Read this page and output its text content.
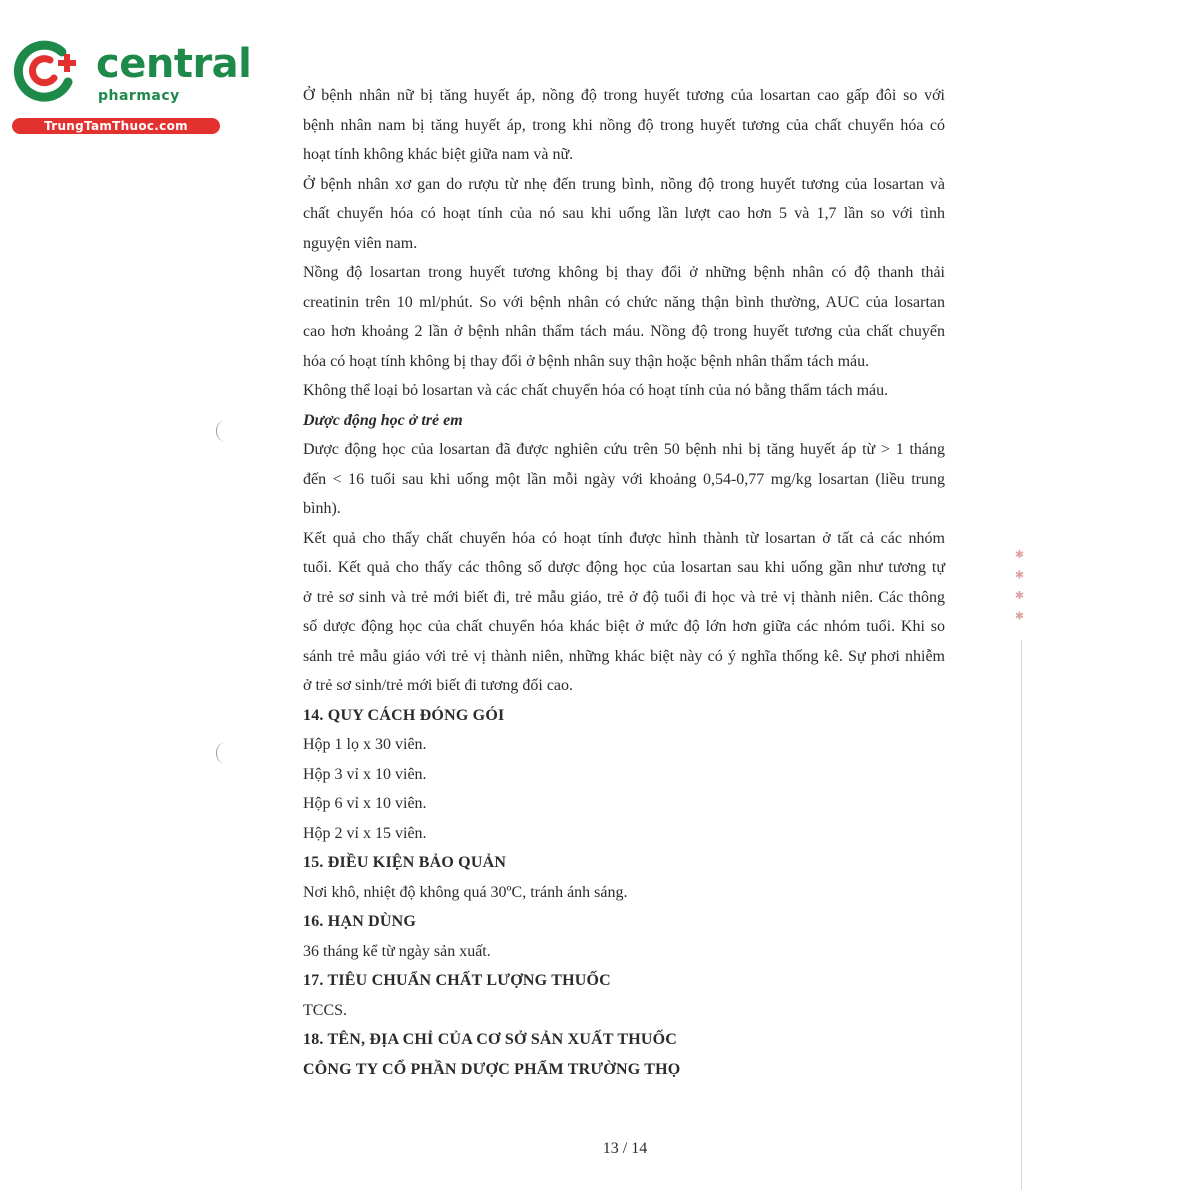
central
pharmacy
TrungTamThuoc.com
✱ ✱ ✱ ✱
Ở bệnh nhân nữ bị tăng huyết áp, nồng độ trong huyết tương của losartan cao gấp đôi so với
bệnh nhân nam bị tăng huyết áp, trong khi nồng độ trong huyết tương của chất chuyển hóa có
hoạt tính không khác biệt giữa nam và nữ.
Ở bệnh nhân xơ gan do rượu từ nhẹ đến trung bình, nồng độ trong huyết tương của losartan và
chất chuyển hóa có hoạt tính của nó sau khi uống lần lượt cao hơn 5 và 1,7 lần so với tình
nguyện viên nam.
Nồng độ losartan trong huyết tương không bị thay đổi ở những bệnh nhân có độ thanh thải
creatinin trên 10 ml/phút. So với bệnh nhân có chức năng thận bình thường, AUC của losartan
cao hơn khoảng 2 lần ở bệnh nhân thẩm tách máu. Nồng độ trong huyết tương của chất chuyển
hóa có hoạt tính không bị thay đổi ở bệnh nhân suy thận hoặc bệnh nhân thẩm tách máu.
Không thể loại bỏ losartan và các chất chuyển hóa có hoạt tính của nó bằng thẩm tách máu.
Dược động học ở trẻ em
Dược động học của losartan đã được nghiên cứu trên 50 bệnh nhi bị tăng huyết áp từ > 1 tháng
đến < 16 tuổi sau khi uống một lần mỗi ngày với khoảng 0,54-0,77 mg/kg losartan (liều trung
bình).
Kết quả cho thấy chất chuyển hóa có hoạt tính được hình thành từ losartan ở tất cả các nhóm
tuổi. Kết quả cho thấy các thông số dược động học của losartan sau khi uống gần như tương tự
ở trẻ sơ sinh và trẻ mới biết đi, trẻ mẫu giáo, trẻ ở độ tuổi đi học và trẻ vị thành niên. Các thông
số dược động học của chất chuyển hóa khác biệt ở mức độ lớn hơn giữa các nhóm tuổi. Khi so
sánh trẻ mẫu giáo với trẻ vị thành niên, những khác biệt này có ý nghĩa thống kê. Sự phơi nhiễm
ở trẻ sơ sinh/trẻ mới biết đi tương đối cao.
14. QUY CÁCH ĐÓNG GÓI
Hộp 1 lọ x 30 viên.
Hộp 3 vỉ x 10 viên.
Hộp 6 vỉ x 10 viên.
Hộp 2 vỉ x 15 viên.
15. ĐIỀU KIỆN BẢO QUẢN
Nơi khô, nhiệt độ không quá 30ºC, tránh ánh sáng.
16. HẠN DÙNG
36 tháng kể từ ngày sản xuất.
17. TIÊU CHUẨN CHẤT LƯỢNG THUỐC
TCCS.
18. TÊN, ĐỊA CHỈ CỦA CƠ SỞ SẢN XUẤT THUỐC
CÔNG TY CỔ PHẦN DƯỢC PHẨM TRƯỜNG THỌ
13 / 14
